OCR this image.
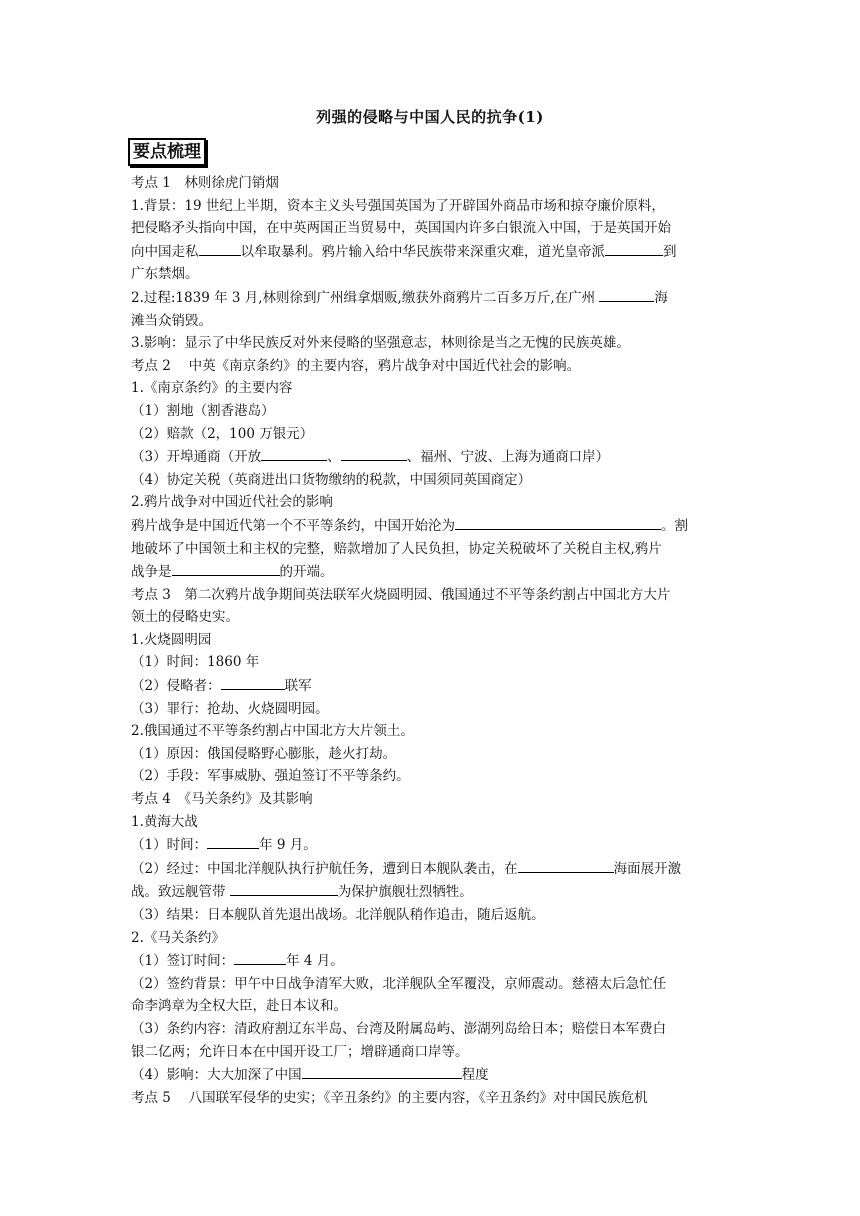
列强的侵略与中国人民的抗争(1)
要点梳理
考点 1　林则徐虎门销烟
1.背景：19 世纪上半期，资本主义头号强国英国为了开辟国外商品市场和掠夺廉价原料，
把侵略矛头指向中国，在中英两国正当贸易中，英国国内许多白银流入中国，于是英国开始
向中国走私	以牟取暴利。鸦片输入给中华民族带来深重灾难，道光皇帝派	到
广东禁烟。
2.过程:1839 年 3 月,林则徐到广州缉拿烟贩,缴获外商鸦片二百多万斤,在广州	海
滩当众销毁。
3.影响：显示了中华民族反对外来侵略的坚强意志，林则徐是当之无愧的民族英雄。
考点 2　 中英《南京条约》的主要内容，鸦片战争对中国近代社会的影响。
1.《南京条约》的主要内容
（1）割地（割香港岛）
（2）赔款（2，100 万银元）
（3）开埠通商（开放	、	、福州、宁波、上海为通商口岸）
（4）协定关税（英商进出口货物缴纳的税款，中国须同英国商定）
2.鸦片战争对中国近代社会的影响
鸦片战争是中国近代第一个不平等条约，中国开始沦为	。割
地破坏了中国领土和主权的完整，赔款增加了人民负担，协定关税破坏了关税自主权,鸦片
战争是	的开端。
考点 3　第二次鸦片战争期间英法联军火烧圆明园、俄国通过不平等条约割占中国北方大片
领土的侵略史实。
1.火烧圆明园
（1）时间：1860 年
（2）侵略者：	联军
（3）罪行：抢劫、火烧圆明园。
2.俄国通过不平等条约割占中国北方大片领土。
（1）原因：俄国侵略野心膨胀，趁火打劫。
（2）手段：军事威胁、强迫签订不平等条约。
考点 4　《马关条约》及其影响
1.黄海大战
（1）时间：	年 9 月。
（2）经过：中国北洋舰队执行护航任务，遭到日本舰队袭击，在	海面展开激
战。致远舰管带	为保护旗舰壮烈牺牲。
（3）结果：日本舰队首先退出战场。北洋舰队稍作追击，随后返航。
2.《马关条约》
（1）签订时间：	年 4 月。
（2）签约背景：甲午中日战争清军大败，北洋舰队全军覆没，京师震动。慈禧太后急忙任
命李鸿章为全权大臣，赴日本议和。
（3）条约内容：清政府割辽东半岛、台湾及附属岛屿、澎湖列岛给日本；赔偿日本军费白
银二亿两；允许日本在中国开设工厂；增辟通商口岸等。
（4）影响：大大加深了中国	程度
考点 5　 八国联军侵华的史实；《辛丑条约》的主要内容，《辛丑条约》对中国民族危机
